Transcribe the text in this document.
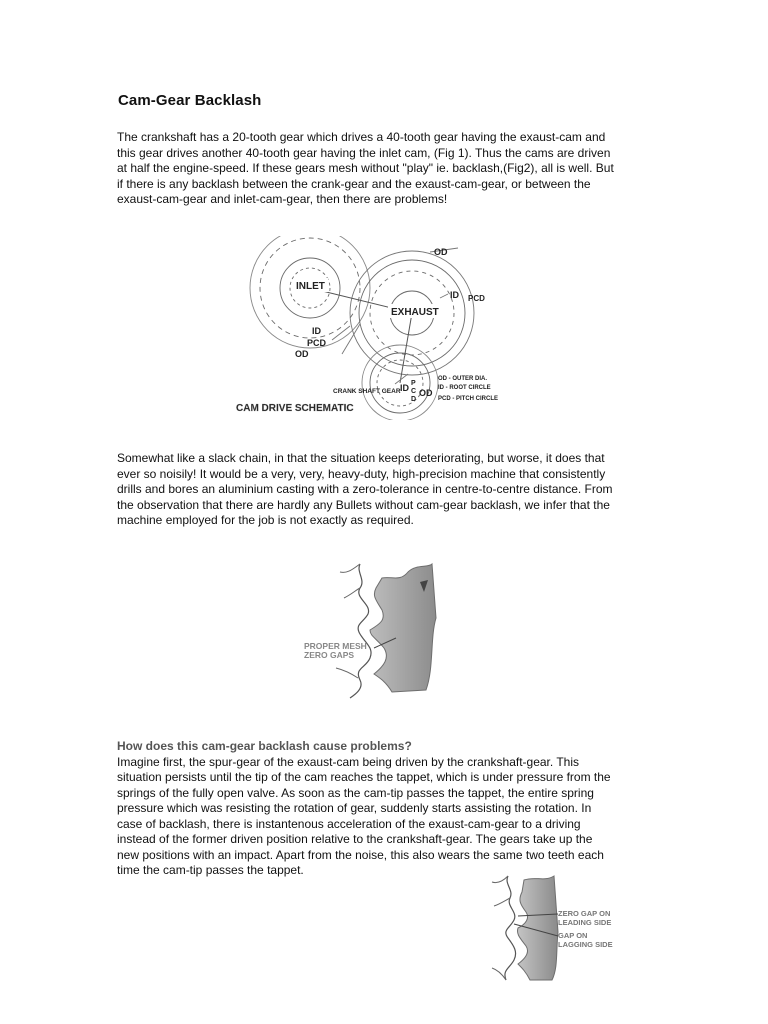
Cam-Gear Backlash

The crankshaft has a 20-tooth gear which drives a 40-tooth gear having the exaust-cam and
this gear drives another 40-tooth gear having the inlet cam, (Fig 1). Thus the cams are driven
at half the engine-speed. If these gears mesh without "play" ie. backlash,(Fig2), all is well. But
if there is any backlash between the crank-gear and the exaust-cam-gear, or between the
exaust-cam-gear and inlet-cam-gear, then there are problems!

INLET
EXHAUST
OD
ID PCD
ID
PCD
OD
CRANK SHAFT GEAR ID P
C
D
OD
OD - OUTER DIA.
ID - ROOT CIRCLE
PCD - PITCH CIRCLE
CAM DRIVE SCHEMATIC

Somewhat like a slack chain, in that the situation keeps deteriorating, but worse, it does that
ever so noisily! It would be a very, very, heavy-duty, high-precision machine that consistently
drills and bores an aluminium casting with a zero-tolerance in centre-to-centre distance. From
the observation that there are hardly any Bullets without cam-gear backlash, we infer that the
machine employed for the job is not exactly as required.

PROPER MESH
ZERO GAPS

How does this cam-gear backlash cause problems?
Imagine first, the spur-gear of the exaust-cam being driven by the crankshaft-gear. This
situation persists until the tip of the cam reaches the tappet, which is under pressure from the
springs of the fully open valve. As soon as the cam-tip passes the tappet, the entire spring
pressure which was resisting the rotation of gear, suddenly starts assisting the rotation. In
case of backlash, there is instantenous acceleration of the exaust-cam-gear to a driving
instead of the former driven position relative to the crankshaft-gear. The gears take up the
new positions with an impact. Apart from the noise, this also wears the same two teeth each
time the cam-tip passes the tappet.

ZERO GAP ON
LEADING SIDE
GAP ON
LAGGING SIDE
